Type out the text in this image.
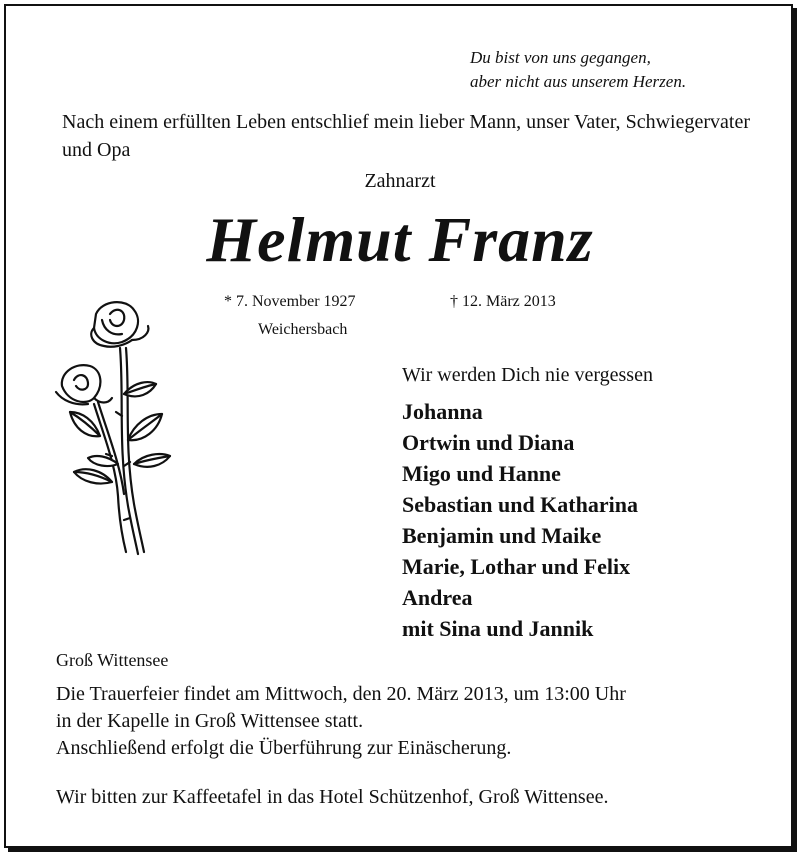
Du bist von uns gegangen,
aber nicht aus unserem Herzen.

Nach einem erfüllten Leben entschlief mein lieber Mann, unser Vater, Schwiegervater und Opa

Zahnarzt
Helmut Franz
* 7. November 1927
Weichersbach
† 12. März 2013
Wir werden Dich nie vergessen
Johanna
Ortwin und Diana
Migo und Hanne
Sebastian und Katharina
Benjamin und Maike
Marie, Lothar und Felix
Andrea
mit Sina und Jannik
Groß Wittensee
Die Trauerfeier findet am Mittwoch, den 20. März 2013, um 13:00 Uhr
in der Kapelle in Groß Wittensee statt.
Anschließend erfolgt die Überführung zur Einäscherung.
Wir bitten zur Kaffeetafel in das Hotel Schützenhof, Groß Wittensee.
